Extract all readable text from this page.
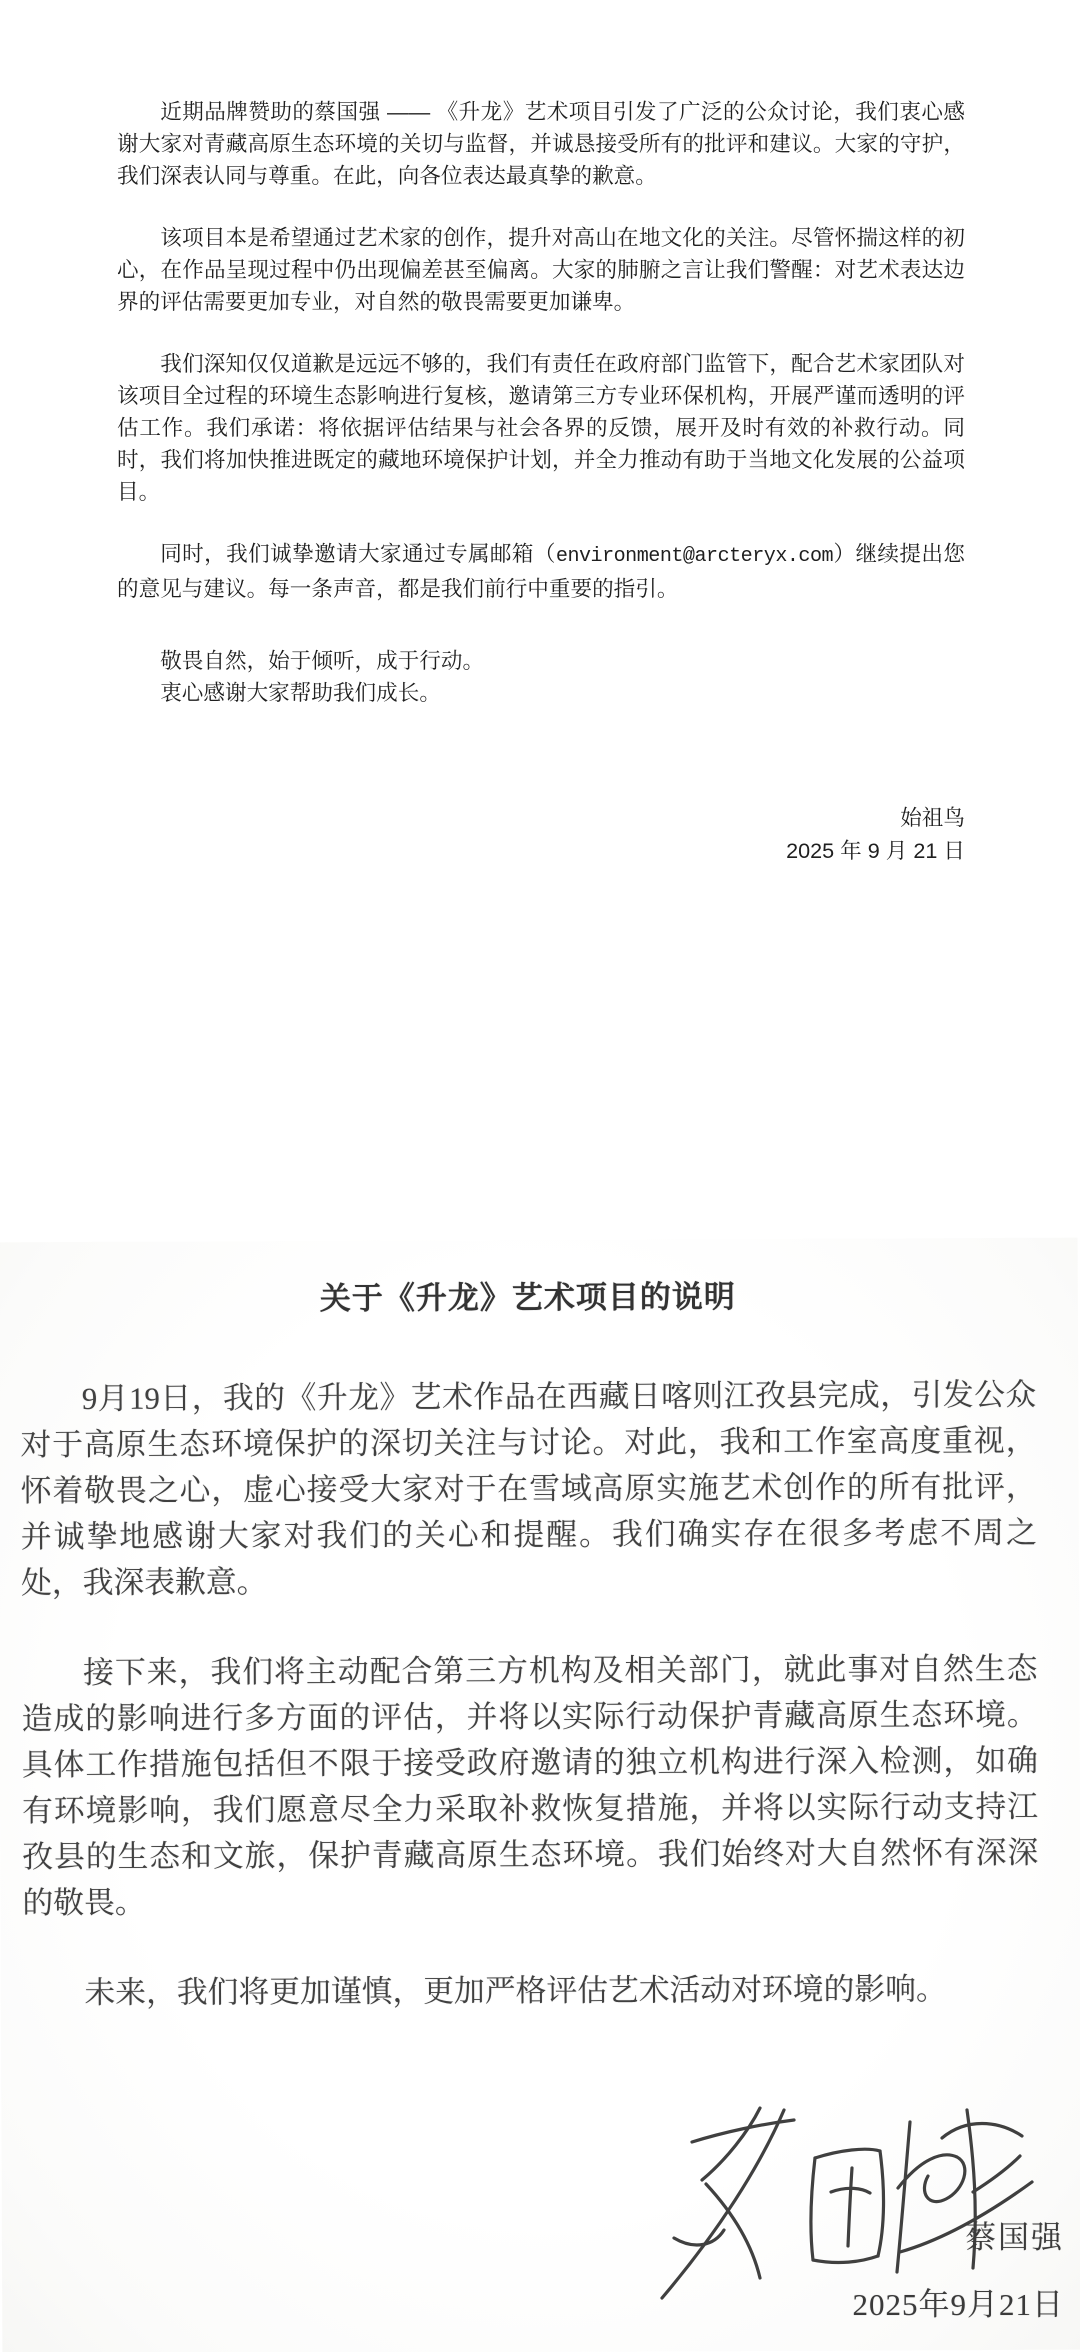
近期品牌赞助的蔡国强 —— 《升龙》艺术项目引发了广泛的公众讨论，我们衷心感谢大家对青藏高原生态环境的关切与监督，并诚恳接受所有的批评和建议。大家的守护，我们深表认同与尊重。在此，向各位表达最真挚的歉意。

该项目本是希望通过艺术家的创作，提升对高山在地文化的关注。尽管怀揣这样的初心，在作品呈现过程中仍出现偏差甚至偏离。大家的肺腑之言让我们警醒：对艺术表达边界的评估需要更加专业，对自然的敬畏需要更加谦卑。

我们深知仅仅道歉是远远不够的，我们有责任在政府部门监管下，配合艺术家团队对该项目全过程的环境生态影响进行复核，邀请第三方专业环保机构，开展严谨而透明的评估工作。我们承诺：将依据评估结果与社会各界的反馈，展开及时有效的补救行动。同时，我们将加快推进既定的藏地环境保护计划，并全力推动有助于当地文化发展的公益项目。

同时，我们诚挚邀请大家通过专属邮箱（environment@arcteryx.com）继续提出您的意见与建议。每一条声音，都是我们前行中重要的指引。

敬畏自然，始于倾听，成于行动。

衷心感谢大家帮助我们成长。

始祖鸟

2025 年 9 月 21 日

关于《升龙》艺术项目的说明

9月19日，我的《升龙》艺术作品在西藏日喀则江孜县完成，引发公众对于高原生态环境保护的深切关注与讨论。对此，我和工作室高度重视，怀着敬畏之心，虚心接受大家对于在雪域高原实施艺术创作的所有批评，并诚挚地感谢大家对我们的关心和提醒。我们确实存在很多考虑不周之处，我深表歉意。

接下来，我们将主动配合第三方机构及相关部门，就此事对自然生态造成的影响进行多方面的评估，并将以实际行动保护青藏高原生态环境。具体工作措施包括但不限于接受政府邀请的独立机构进行深入检测，如确有环境影响，我们愿意尽全力采取补救恢复措施，并将以实际行动支持江孜县的生态和文旅，保护青藏高原生态环境。我们始终对大自然怀有深深的敬畏。

未来，我们将更加谨慎，更加严格评估艺术活动对环境的影响。

蔡国强
2025年9月21日
